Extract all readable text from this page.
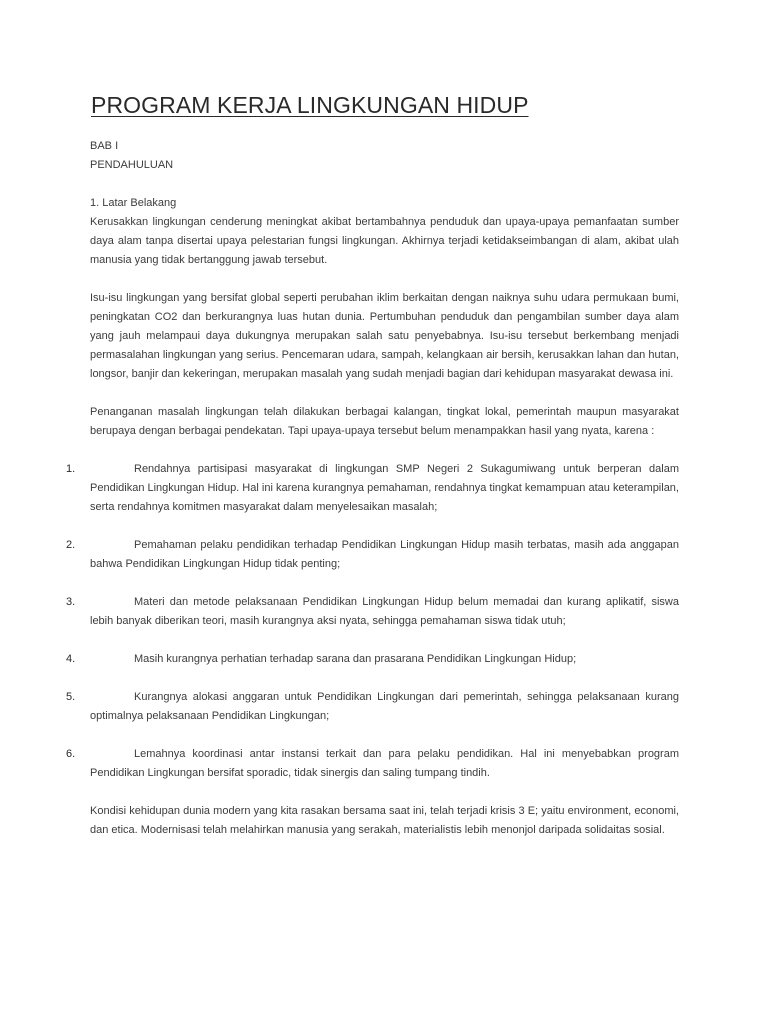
PROGRAM KERJA LINGKUNGAN HIDUP

BAB I

PENDAHULUAN

1. Latar Belakang

Kerusakkan lingkungan cenderung meningkat akibat bertambahnya penduduk dan upaya-upaya pemanfaatan sumber daya alam tanpa disertai upaya pelestarian fungsi lingkungan. Akhirnya terjadi ketidakseimbangan di alam, akibat ulah manusia yang tidak bertanggung jawab tersebut.

Isu-isu lingkungan yang bersifat global seperti perubahan iklim berkaitan dengan naiknya suhu udara permukaan bumi, peningkatan CO2 dan berkurangnya luas hutan dunia. Pertumbuhan penduduk dan pengambilan sumber daya alam yang jauh melampaui daya dukungnya merupakan salah satu penyebabnya. Isu-isu tersebut berkembang menjadi permasalahan lingkungan yang serius. Pencemaran udara, sampah, kelangkaan air bersih, kerusakkan lahan dan hutan, longsor, banjir dan kekeringan, merupakan masalah yang sudah menjadi bagian dari kehidupan masyarakat dewasa ini.

Penanganan masalah lingkungan telah dilakukan berbagai kalangan, tingkat lokal, pemerintah maupun masyarakat berupaya dengan berbagai pendekatan. Tapi upaya-upaya tersebut belum menampakkan hasil yang nyata, karena :

1.	Rendahnya partisipasi masyarakat di lingkungan SMP Negeri 2 Sukagumiwang untuk berperan dalam Pendidikan Lingkungan Hidup. Hal ini karena kurangnya pemahaman, rendahnya tingkat kemampuan atau keterampilan, serta rendahnya komitmen masyarakat dalam menyelesaikan masalah;

2.	Pemahaman pelaku pendidikan terhadap Pendidikan Lingkungan Hidup masih terbatas, masih ada anggapan bahwa Pendidikan Lingkungan Hidup tidak penting;

3.	Materi dan metode pelaksanaan Pendidikan Lingkungan Hidup belum memadai dan kurang aplikatif, siswa lebih banyak diberikan teori, masih kurangnya aksi nyata, sehingga pemahaman siswa tidak utuh;

4.	Masih kurangnya perhatian terhadap sarana dan prasarana Pendidikan Lingkungan Hidup;

5.	Kurangnya alokasi anggaran untuk Pendidikan Lingkungan dari pemerintah, sehingga pelaksanaan kurang optimalnya pelaksanaan Pendidikan Lingkungan;

6.	Lemahnya koordinasi antar instansi terkait dan para pelaku pendidikan. Hal ini menyebabkan program Pendidikan Lingkungan bersifat sporadic, tidak sinergis dan saling tumpang tindih.

Kondisi kehidupan dunia modern yang kita rasakan bersama saat ini, telah terjadi krisis 3 E; yaitu environment, economi, dan etica. Modernisasi telah melahirkan manusia yang serakah, materialistis lebih menonjol daripada solidaitas sosial.
